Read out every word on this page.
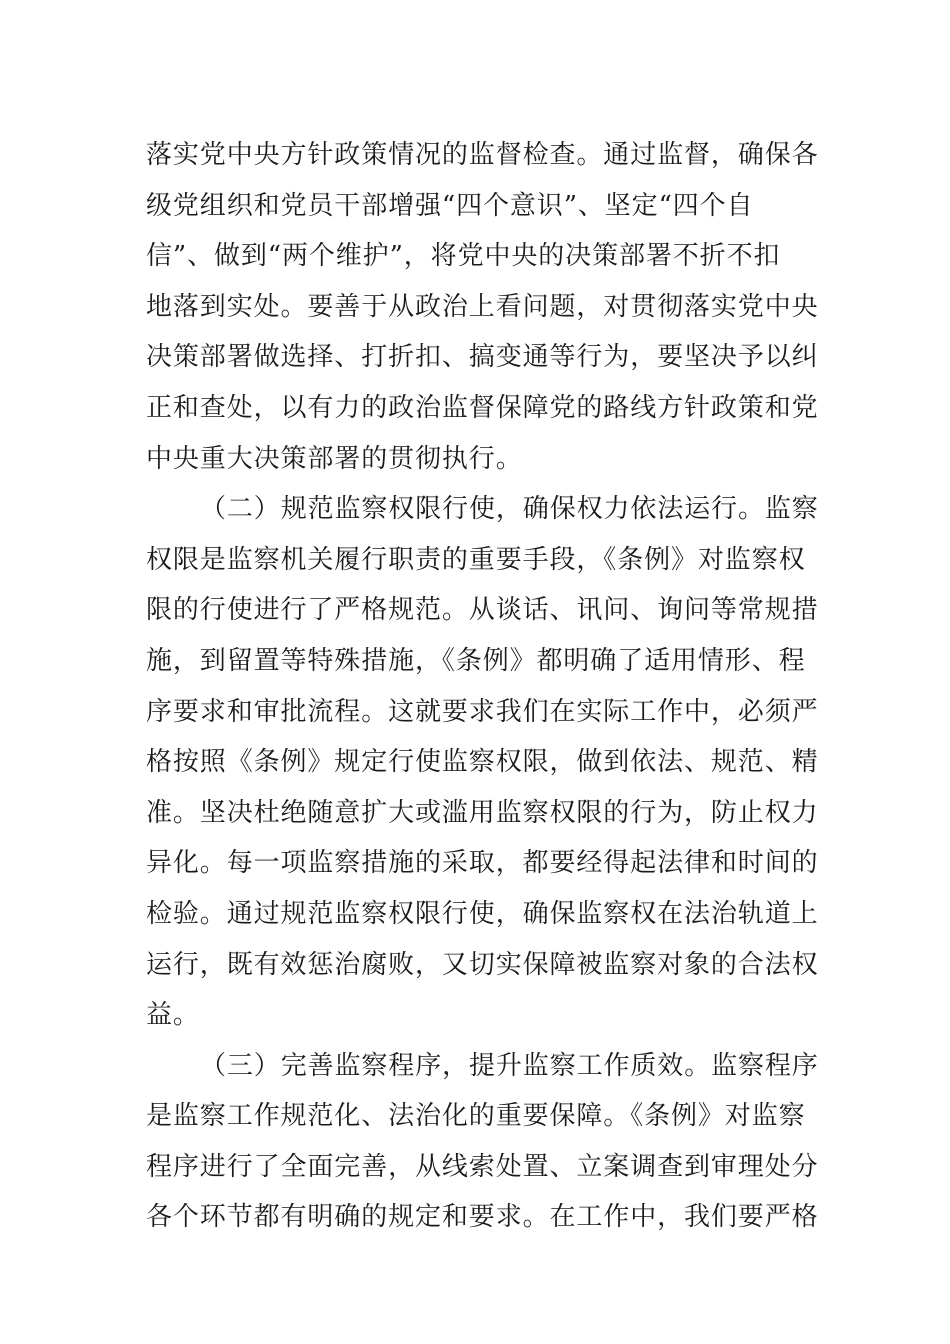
落实党中央方针政策情况的监督检查。通过监督，确保各
级党组织和党员干部增强“四个意识”、坚定“四个自
信”、做到“两个维护”，将党中央的决策部署不折不扣
地落到实处。要善于从政治上看问题，对贯彻落实党中央
决策部署做选择、打折扣、搞变通等行为，要坚决予以纠
正和查处，以有力的政治监督保障党的路线方针政策和党
中央重大决策部署的贯彻执行。
（二）规范监察权限行使，确保权力依法运行。监察
权限是监察机关履行职责的重要手段，《条例》对监察权
限的行使进行了严格规范。从谈话、讯问、询问等常规措
施，到留置等特殊措施，《条例》都明确了适用情形、程
序要求和审批流程。这就要求我们在实际工作中，必须严
格按照《条例》规定行使监察权限，做到依法、规范、精
准。坚决杜绝随意扩大或滥用监察权限的行为，防止权力
异化。每一项监察措施的采取，都要经得起法律和时间的
检验。通过规范监察权限行使，确保监察权在法治轨道上
运行，既有效惩治腐败，又切实保障被监察对象的合法权
益。
（三）完善监察程序，提升监察工作质效。监察程序
是监察工作规范化、法治化的重要保障。《条例》对监察
程序进行了全面完善，从线索处置、立案调查到审理处分
各个环节都有明确的规定和要求。在工作中，我们要严格
